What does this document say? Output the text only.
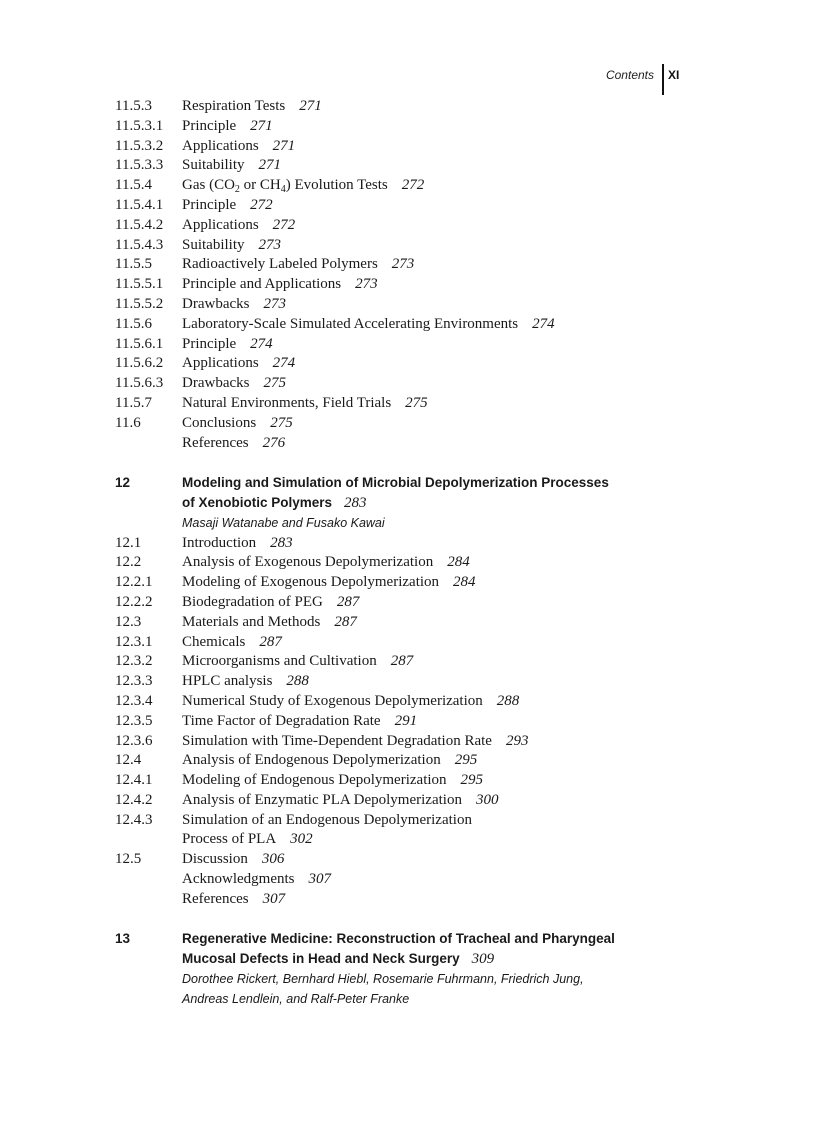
Contents XI
11.5.3 Respiration Tests 271
11.5.3.1 Principle 271
11.5.3.2 Applications 271
11.5.3.3 Suitability 271
11.5.4 Gas ($CO_2$ or $CH_4$) Evolution Tests 272
11.5.4.1 Principle 272
11.5.4.2 Applications 272
11.5.4.3 Suitability 273
11.5.5 Radioactively Labeled Polymers 273
11.5.5.1 Principle and Applications 273
11.5.5.2 Drawbacks 273
11.5.6 Laboratory-Scale Simulated Accelerating Environments 274
11.5.6.1 Principle 274
11.5.6.2 Applications 274
11.5.6.3 Drawbacks 275
11.5.7 Natural Environments, Field Trials 275
11.6	Conclusions 275
References 276
12	Modeling and Simulation of Microbial Depolymerization Processes
of Xenobiotic Polymers 283
Masaji Watanabe and Fusako Kawai
12.1	Introduction 283
12.2	Analysis of Exogenous Depolymerization 284
12.2.1 Modeling of Exogenous Depolymerization 284
12.2.2 Biodegradation of PEG 287
12.3	Materials and Methods 287
12.3.1 Chemicals 287
12.3.2 Microorganisms and Cultivation 287
12.3.3 HPLC analysis 288
12.3.4 Numerical Study of Exogenous Depolymerization 288
12.3.5 Time Factor of Degradation Rate 291
12.3.6 Simulation with Time-Dependent Degradation Rate 293
12.4	Analysis of Endogenous Depolymerization 295
12.4.1 Modeling of Endogenous Depolymerization 295
12.4.2 Analysis of Enzymatic PLA Depolymerization 300
12.4.3 Simulation of an Endogenous Depolymerization
Process of PLA 302
12.5	Discussion 306
Acknowledgments 307
References 307
13	Regenerative Medicine: Reconstruction of Tracheal and Pharyngeal
Mucosal Defects in Head and Neck Surgery 309
Dorothee Rickert, Bernhard Hiebl, Rosemarie Fuhrmann, Friedrich Jung,
Andreas Lendlein, and Ralf-Peter Franke
